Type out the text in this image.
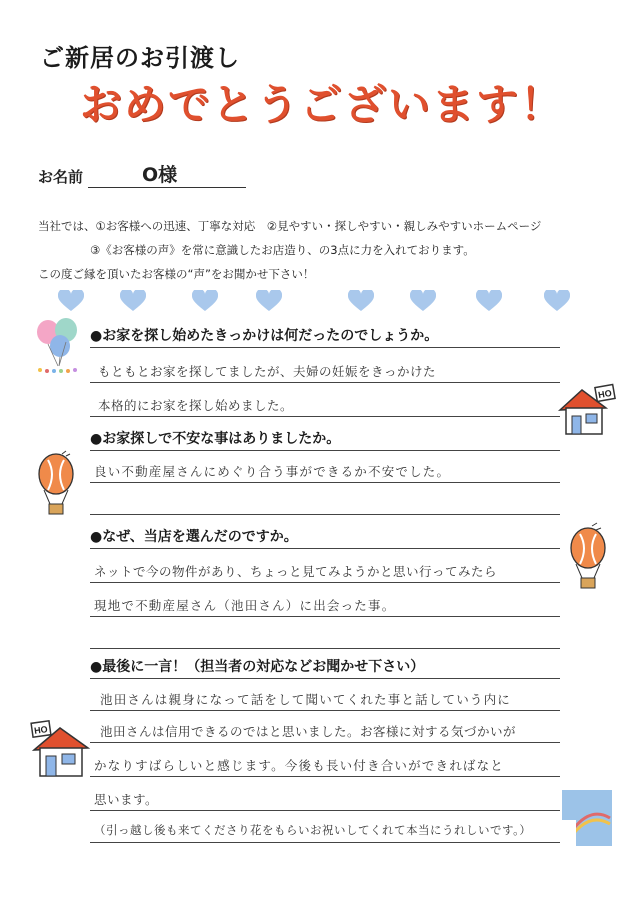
ご新居のお引渡し
おめでとうございます！
お名前	O様
当社では、①お客様への迅速、丁寧な対応　②見やすい・探しやすい・親しみやすいホームページ
③《お客様の声》を常に意識したお店造り、の3点に力を入れております。
この度ご縁を頂いたお客様の“声”をお聞かせ下さい！
HO
HO
●お家を探し始めたきっかけは何だったのでしょうか。
もともとお家を探してましたが、夫婦の妊娠をきっかけた
本格的にお家を探し始めました。
●お家探しで不安な事はありましたか。
良い不動産屋さんにめぐり合う事ができるか不安でした。
●なぜ、当店を選んだのですか。
ネットで今の物件があり、ちょっと見てみようかと思い行ってみたら
現地で不動産屋さん（池田さん）に出会った事。
●最後に一言！（担当者の対応などお聞かせ下さい）
池田さんは親身になって話をして聞いてくれた事と話していう内に
池田さんは信用できるのではと思いました。お客様に対する気づかいが
かなりすばらしいと感じます。今後も長い付き合いができればなと
思います。
（引っ越し後も来てくださり花をもらいお祝いしてくれて本当にうれしいです。）
